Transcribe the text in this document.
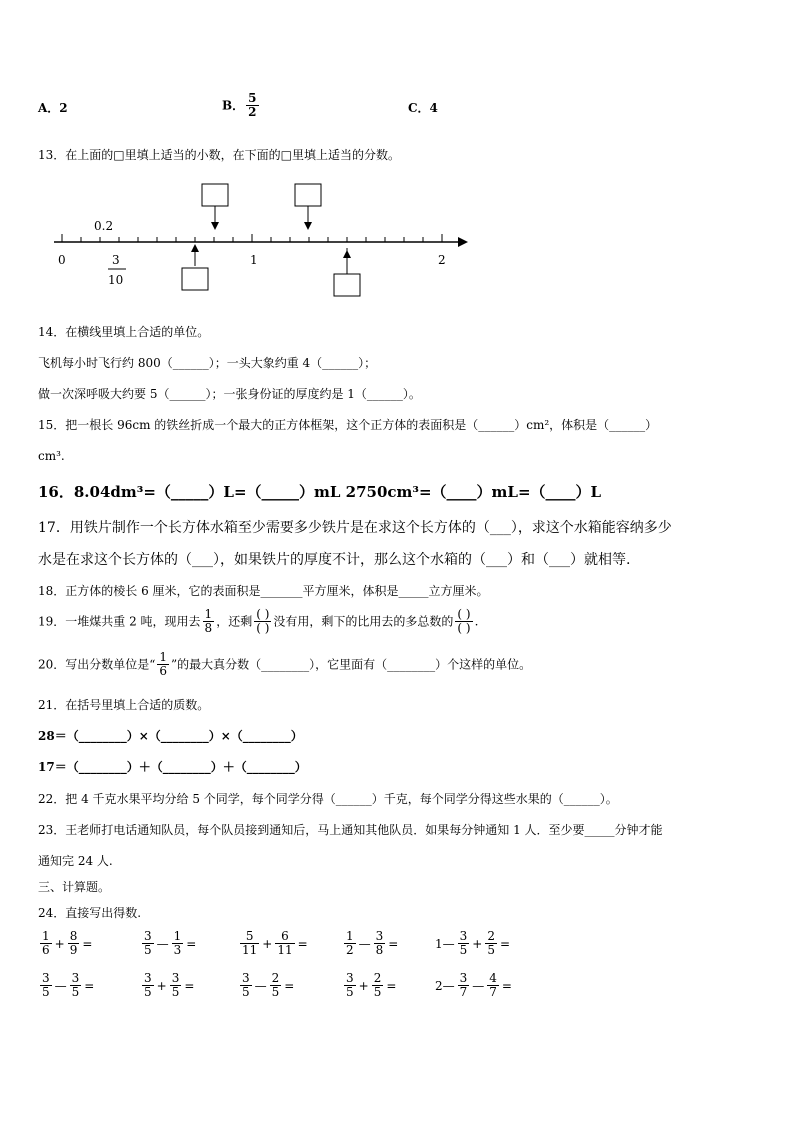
A．2	B． $\frac{5}{2}$	C．4
13．在上面的□里填上适当的小数，在下面的□里填上适当的分数。
0.2
0	1	2
3
10
14．在横线里填上合适的单位。
飞机每小时飞行约 800（______）；一头大象约重 4（______）；
做一次深呼吸大约要 5（______）；一张身份证的厚度约是 1（______）。
15．把一根长 96cm 的铁丝折成一个最大的正方体框架，这个正方体的表面积是（______）cm²，体积是（______）
cm³.
16．8.04dm³=（_____）L=（_____）mL 2750cm³=（____）mL=（____）L
17．用铁片制作一个长方体水箱至少需要多少铁片是在求这个长方体的（___），求这个水箱能容纳多少
水是在求这个长方体的（___），如果铁片的厚度不计，那么这个水箱的（___）和（___）就相等.
18．正方体的棱长 6 厘米，它的表面积是_______平方厘米，体积是_____立方厘米。
19．一堆煤共重 2 吨，现用去 $\frac{1}{8}$ ，还剩
( )
( ) 没有用，剩下的比用去的多总数的
( )
( ) .
20．写出分数单位是“ $\frac{1}{6}$ ”的最大真分数（________），它里面有（________）个这样的单位。
21．在括号里填上合适的质数。
28＝（________）×（________）×（________）
17＝（________）＋（________）＋（________）
22．把 4 千克水果平均分给 5 个同学，每个同学分得（______）千克，每个同学分得这些水果的（______）。
23．王老师打电话通知队员，每个队员接到通知后，马上通知其他队员．如果每分钟通知 1 人．至少要_____分钟才能
通知完 24 人.
三、计算题。
24．直接写出得数.
$\frac{1}{6} + \frac{8}{9}$ =	$\frac{3}{5}$ — $\frac{1}{3}$ =	$\frac{5}{11} + \frac{6}{11}$ =	$\frac{1}{2}$ — $\frac{3}{8}$ =	1— $\frac{3}{5} + \frac{2}{5}$ =
$\frac{3}{5}$ — $\frac{3}{5}$ =	$\frac{3}{5} + \frac{3}{5}$ =	$\frac{3}{5}$ — $\frac{2}{5}$ =	$\frac{3}{5} + \frac{2}{5}$ =	2— $\frac{3}{7}$ — $\frac{4}{7}$ =
